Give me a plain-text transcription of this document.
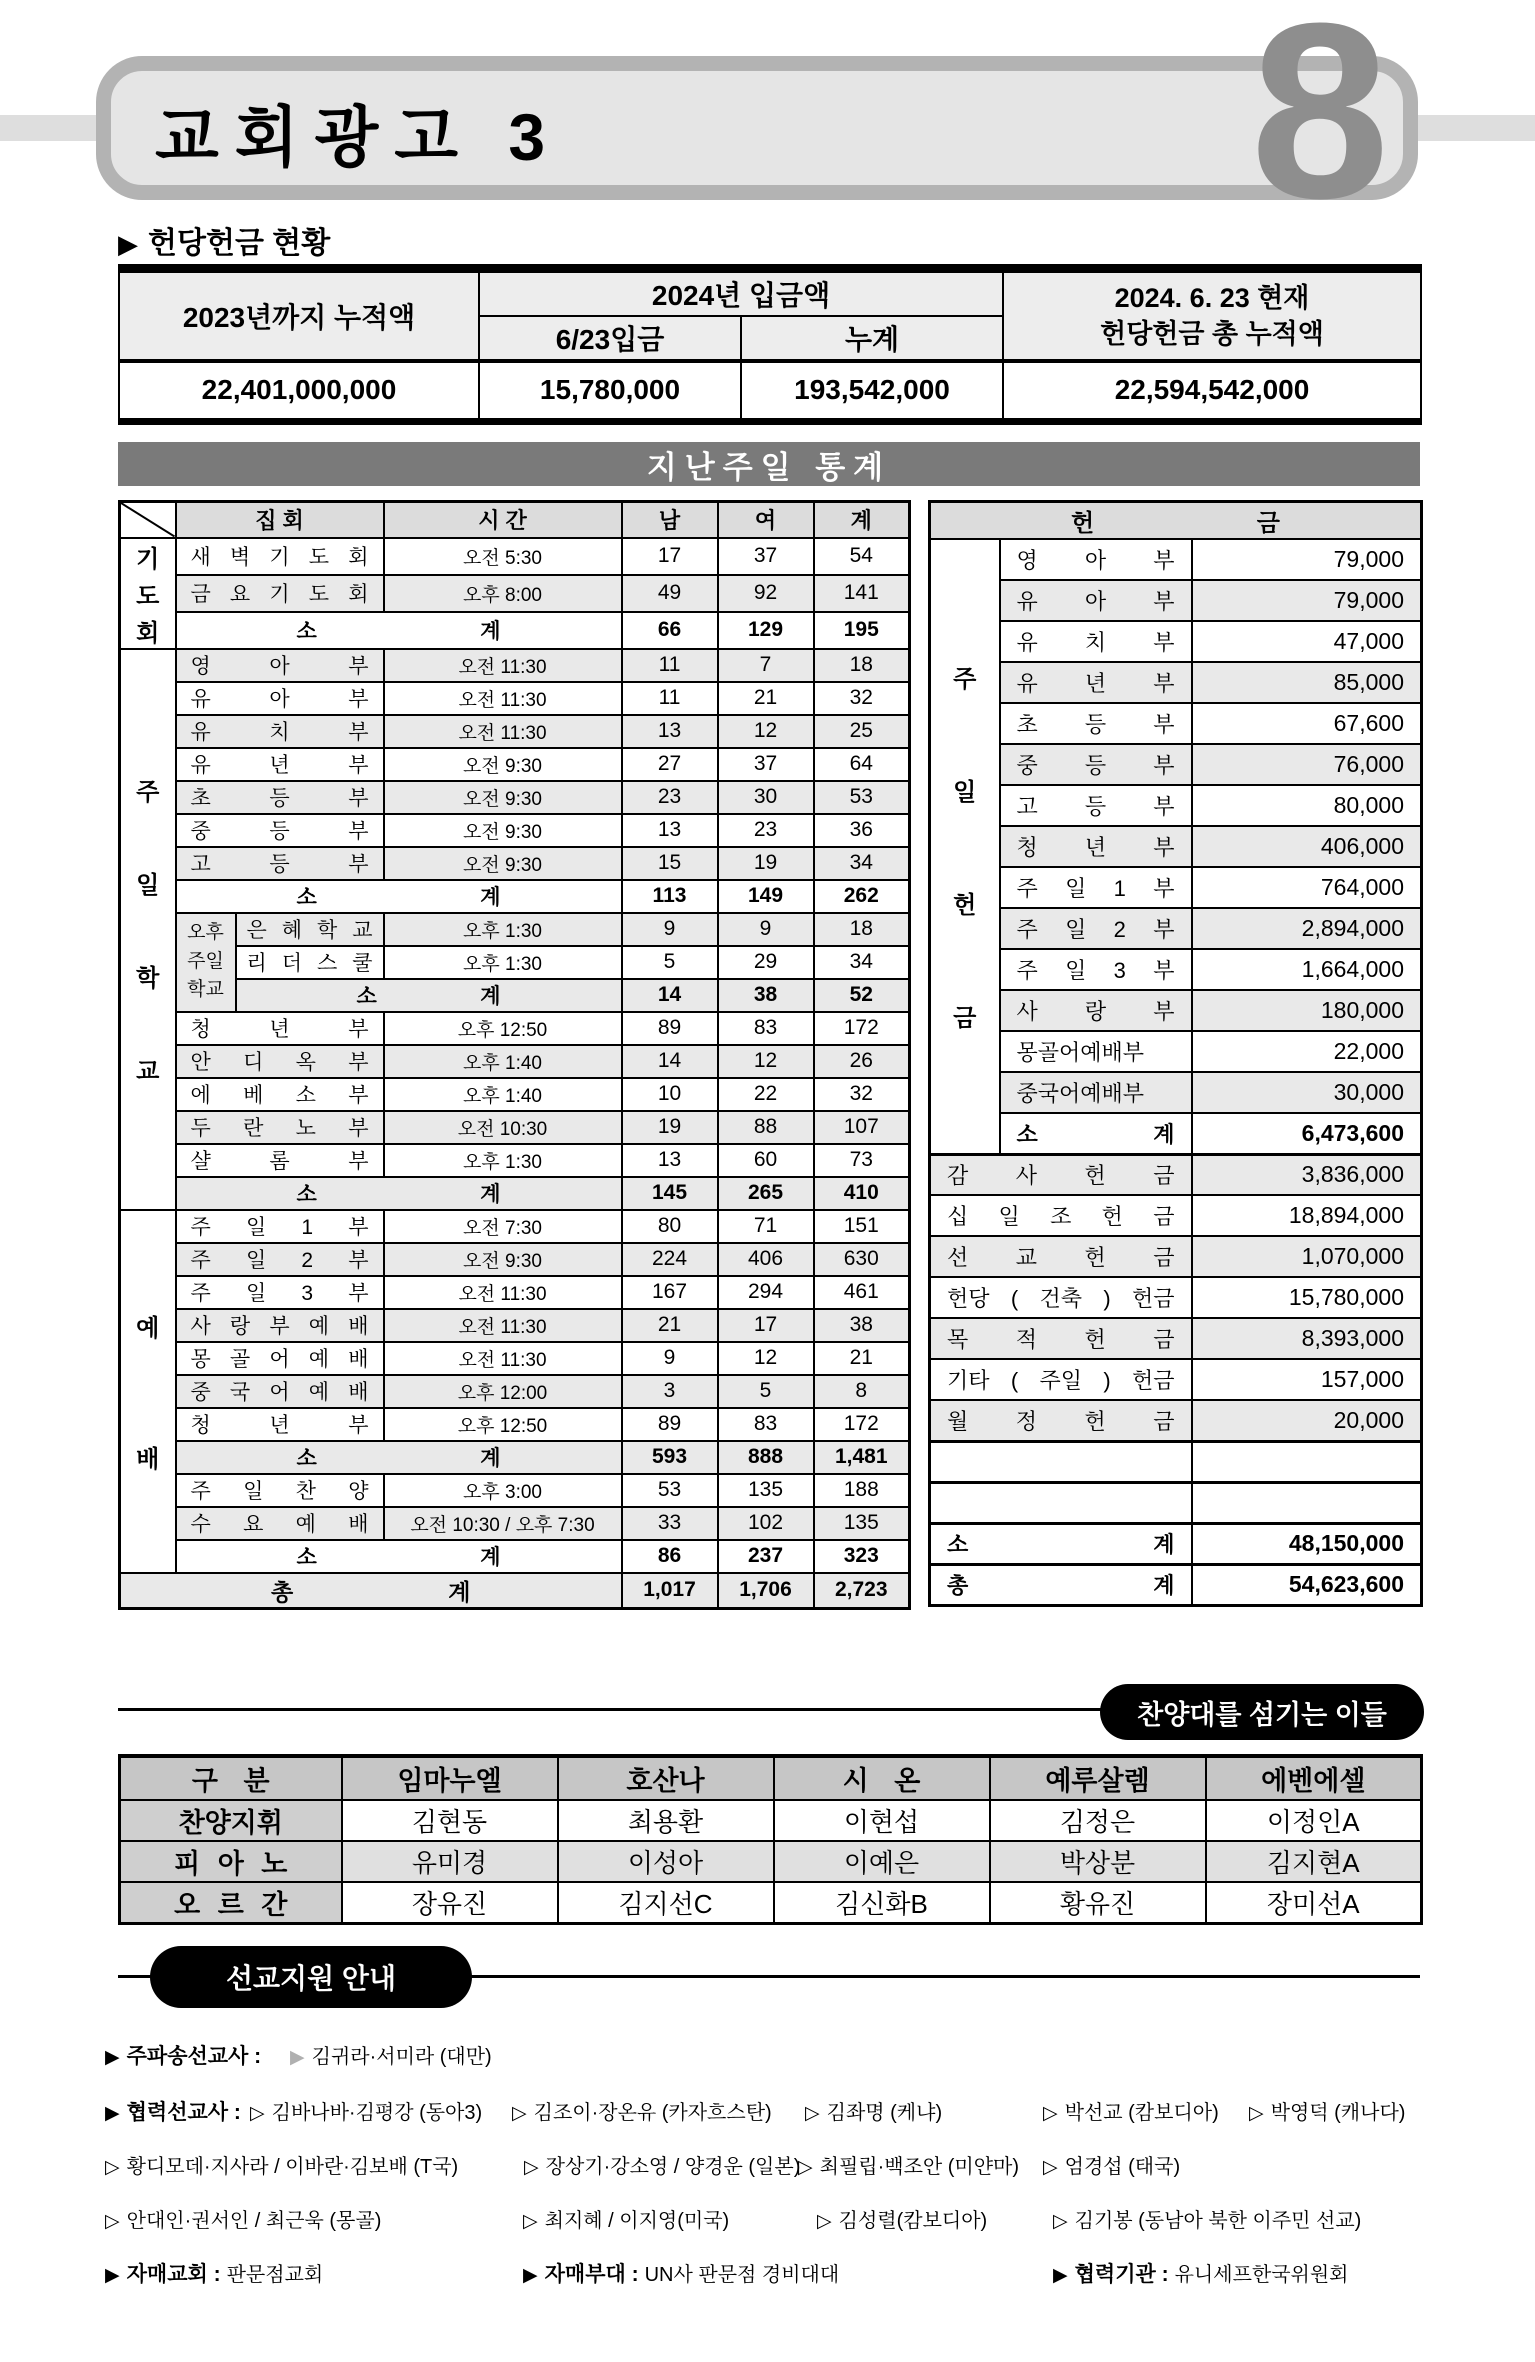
교회광고 3	8
▶ 헌당헌금 현황
2023년까지 누적액	2024년 입금액		2024. 6. 23 현재
헌당헌금 총 누적액

	6/23입금	누계	
22,401,000,000	15,780,000	193,542,000	22,594,542,000
지난주일 통계
	집 회		시 간	남	여	계

기
도
회	새 벽 기 도 회		오전 5:30	17	37	54
	금 요 기 도 회		오후 8:00	49	92	141
	소 계			66	129	195

주
일
학
교	영 아 부		오전 11:30	11	7	18
	유 아 부		오전 11:30	11	21	32
	유 치 부		오전 11:30	13	12	25
	유 년 부		오전 9:30	27	37	64
	초 등 부		오전 9:30	23	30	53
	중 등 부		오전 9:30	13	23	36
	고 등 부		오전 9:30	15	19	34
	소 계			113	149	262

	오후
주일
학교	은 혜 학 교	오후 1:30	9	9	18
		리 더 스 쿨	오후 1:30	5	29	34
		소 계		14	38	52
	청 년 부		오후 12:50	89	83	172
	안 디 옥 부		오후 1:40	14	12	26
	에 베 소 부		오후 1:40	10	22	32
	두 란 노 부		오전 10:30	19	88	107
	샬 롬 부		오후 1:30	13	60	73
	소 계			145	265	410

예
배	주 일 1 부		오전 7:30	80	71	151
	주 일 2 부		오전 9:30	224	406	630
	주 일 3 부		오전 11:30	167	294	461
	사 랑 부 예 배		오전 11:30	21	17	38
	몽 골 어 예 배		오전 11:30	9	12	21
	중 국 어 예 배		오후 12:00	3	5	8
	청 년 부		오후 12:50	89	83	172
	소 계			593	888	1,481
	주 일 찬 양		오후 3:00	53	135	188
	수 요 예 배		오전 10:30 / 오후 7:30	33	102	135
	소 계			86	237	323
총 계				1,017	1,706	2,723
헌 금		

주
일
헌
금	영 아 부	79,000
	유 아 부	79,000
	유 치 부	47,000
	유 년 부	85,000
	초 등 부	67,600
	중 등 부	76,000
	고 등 부	80,000
	청 년 부	406,000
	주 일 1 부	764,000
	주 일 2 부	2,894,000
	주 일 3 부	1,664,000
	사 랑 부	180,000
	몽골어예배부	22,000
	중국어예배부	30,000
	소 계	6,473,600
감 사 헌 금		3,836,000
십 일 조 헌 금		18,894,000
선 교 헌 금		1,070,000
헌당 ( 건축 ) 헌금		15,780,000
목 적 헌 금		8,393,000
기타 ( 주일 ) 헌금		157,000
월 정 헌 금		20,000

소 계		48,150,000
총 계		54,623,600
찬양대를 섬기는 이들
구 분	임마누엘	호산나	시 온	예루살렘	에벤에셀
찬양지휘	김현동	최용환	이현섭	김정은	이정인A
피 아 노	유미경	이성아	이예은	박상분	김지현A
오 르 간	장유진	김지선C	김신화B	황유진	장미선A
선교지원 안내
▶ 주파송선교사 :	▶ 김귀라·서미라 (대만)
▶ 협력선교사 : ▷ 김바나바·김평강 (동아3) ▷ 김조이·장온유 (카자흐스탄) ▷ 김좌명 (케냐)	▷ 박선교 (캄보디아) ▷ 박영덕 (캐나다)
▷ 황디모데·지사라 / 이바란·김보배 (T국)	▷ 장상기·강소영 / 양경운 (일본)
▷ 최필립·백조안 (미얀마) ▷ 엄경섭 (태국)
▷ 안대인·권서인 / 최근욱 (몽골)	▷ 최지혜 / 이지영(미국)	▷ 김성렬(캄보디아)	▷ 김기봉 (동남아 북한 이주민 선교)
▶ 자매교회 : 판문점교회	▶ 자매부대 : UN사 판문점 경비대대	▶ 협력기관 : 유니세프한국위원회
